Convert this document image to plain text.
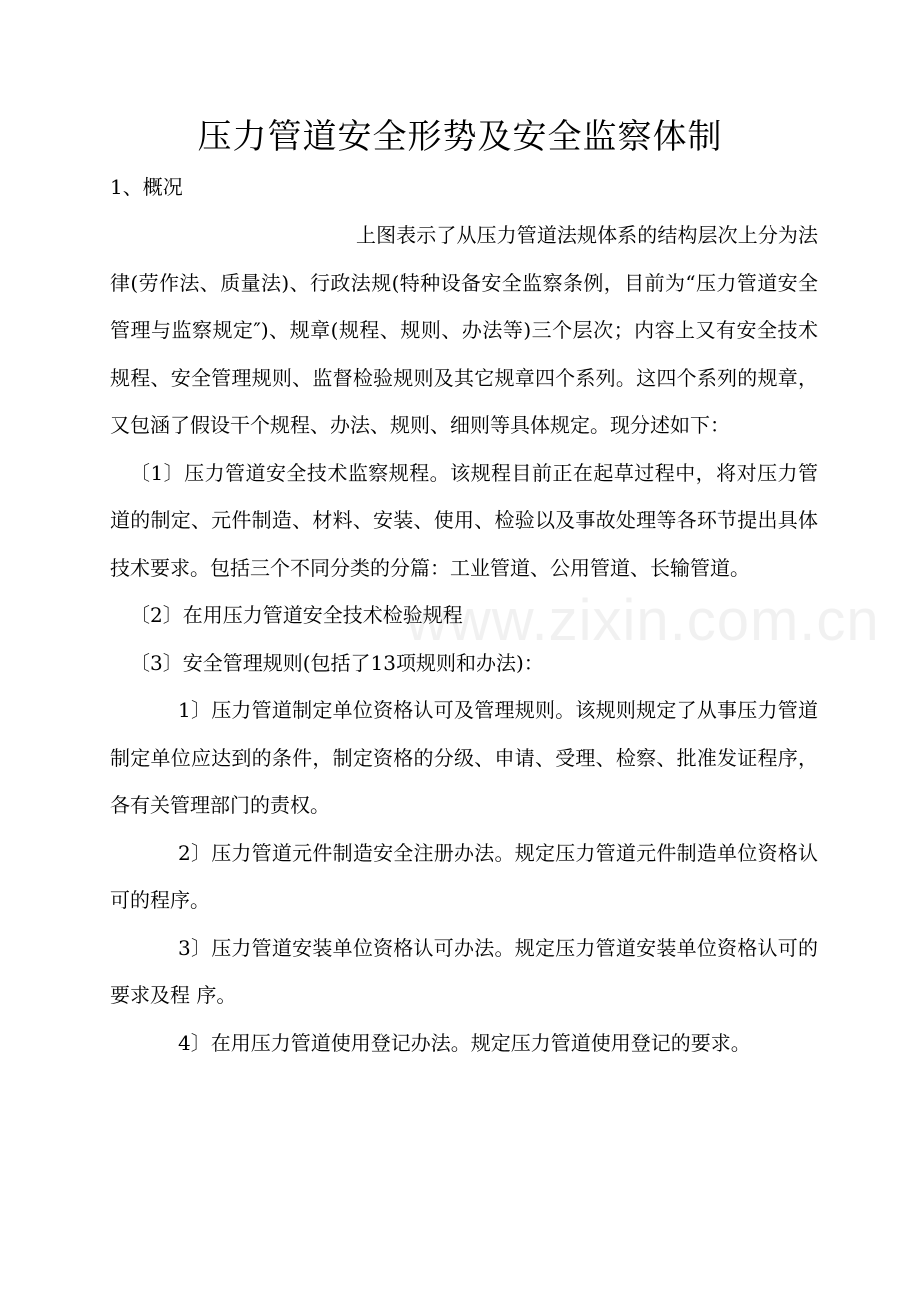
压力管道安全形势及安全监察体制
1、概况

上图表示了从压力管道法规体系的结构层次上分为法律(劳作法、质量法)、行政法规(特种设备安全监察条例，目前为“压力管道安全管理与监察规定″)、规章(规程、规则、办法等)三个层次；内容上又有安全技术规程、安全管理规则、监督检验规则及其它规章四个系列。这四个系列的规章，又包涵了假设干个规程、办法、规则、细则等具体规定。现分述如下：

〔1〕压力管道安全技术监察规程。该规程目前正在起草过程中，将对压力管道的制定、元件制造、材料、安装、使用、检验以及事故处理等各环节提出具体技术要求。包括三个不同分类的分篇：工业管道、公用管道、长输管道。

〔2〕在用压力管道安全技术检验规程

〔3〕安全管理规则(包括了13项规则和办法)：

1〕压力管道制定单位资格认可及管理规则。该规则规定了从事压力管道制定单位应达到的条件，制定资格的分级、申请、受理、检察、批准发证程序，各有关管理部门的责权。

2〕压力管道元件制造安全注册办法。规定压力管道元件制造单位资格认可的程序。

3〕压力管道安装单位资格认可办法。规定压力管道安装单位资格认可的要求及程 序。

4〕在用压力管道使用登记办法。规定压力管道使用登记的要求。

www.zixin.com.cn
